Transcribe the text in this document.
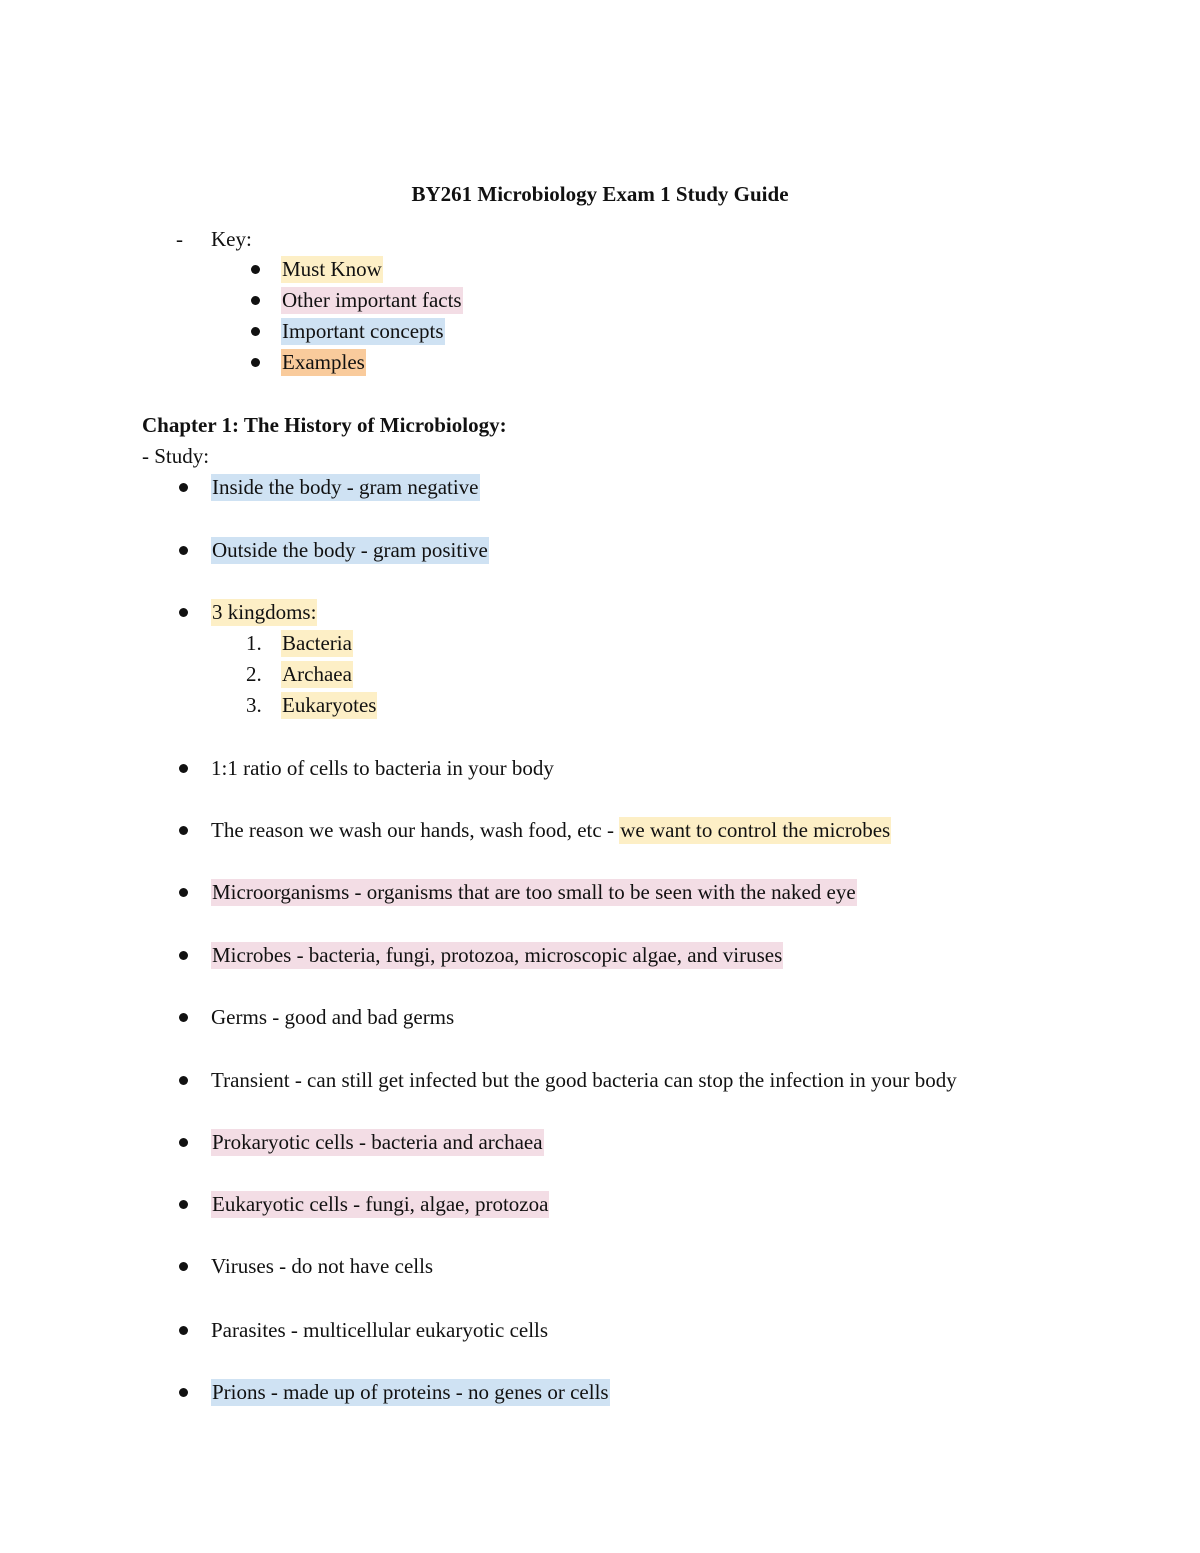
BY261 Microbiology Exam 1 Study Guide
- Key:
Must Know
Other important facts
Important concepts
Examples
Chapter 1: The History of Microbiology:
- Study:
Inside the body - gram negative
Outside the body - gram positive
3 kingdoms:
1. Bacteria
2. Archaea
3. Eukaryotes
1:1 ratio of cells to bacteria in your body
The reason we wash our hands, wash food, etc - we want to control the microbes
Microorganisms - organisms that are too small to be seen with the naked eye
Microbes - bacteria, fungi, protozoa, microscopic algae, and viruses
Germs - good and bad germs
Transient - can still get infected but the good bacteria can stop the infection in your body
Prokaryotic cells - bacteria and archaea
Eukaryotic cells - fungi, algae, protozoa
Viruses - do not have cells
Parasites - multicellular eukaryotic cells
Prions - made up of proteins - no genes or cells
